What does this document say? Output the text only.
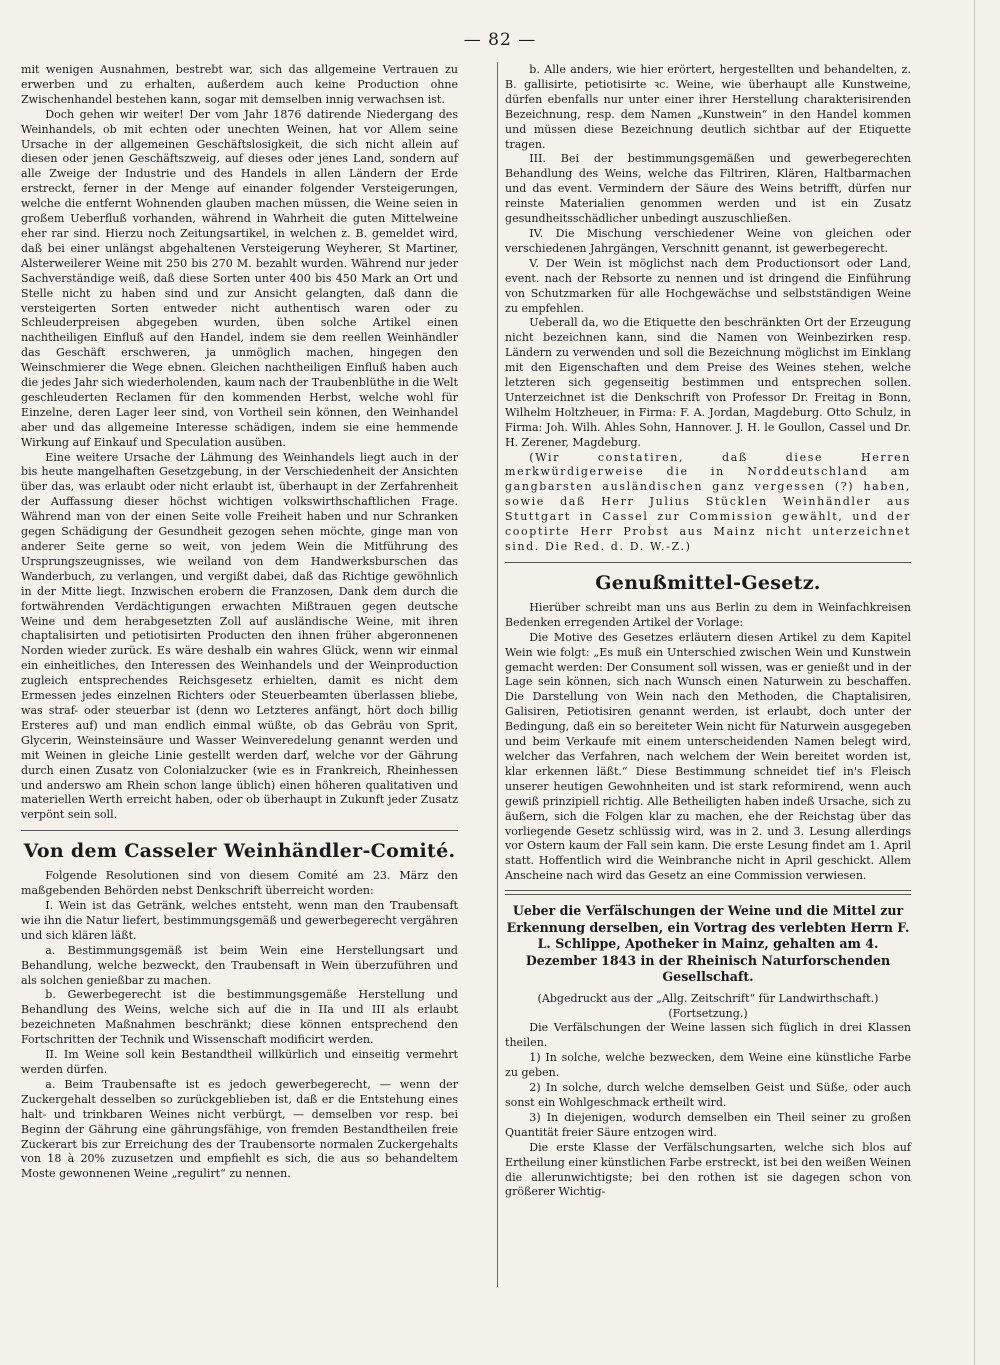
— 82 —

mit wenigen Ausnahmen, bestrebt war, sich das allgemeine Vertrauen zu erwerben und zu erhalten, außerdem auch keine Production ohne Zwischenhandel bestehen kann, sogar mit demselben innig verwachsen ist.

Doch gehen wir weiter! Der vom Jahr 1876 datirende Niedergang des Weinhandels, ob mit echten oder unechten Weinen, hat vor Allem seine Ursache in der allgemeinen Geschäftslosigkeit, die sich nicht allein auf diesen oder jenen Geschäftszweig, auf dieses oder jenes Land, sondern auf alle Zweige der Industrie und des Handels in allen Ländern der Erde erstreckt, ferner in der Menge auf einander folgender Versteigerungen, welche die entfernt Wohnenden glauben machen müssen, die Weine seien in großem Ueberfluß vorhanden, während in Wahrheit die guten Mittelweine eher rar sind. Hierzu noch Zeitungsartikel, in welchen z. B. gemeldet wird, daß bei einer unlängst abgehaltenen Versteigerung Weyherer, St Martiner, Alsterweilerer Weine mit 250 bis 270 M. bezahlt wurden. Während nur jeder Sachverständige weiß, daß diese Sorten unter 400 bis 450 Mark an Ort und Stelle nicht zu haben sind und zur Ansicht gelangten, daß dann die versteigerten Sorten entweder nicht authentisch waren oder zu Schleuderpreisen abgegeben wurden, üben solche Artikel einen nachtheiligen Einfluß auf den Handel, indem sie dem reellen Weinhändler das Geschäft erschweren, ja unmöglich machen, hingegen den Weinschmierer die Wege ebnen. Gleichen nachtheiligen Einfluß haben auch die jedes Jahr sich wiederholenden, kaum nach der Traubenblüthe in die Welt geschleuderten Reclamen für den kommenden Herbst, welche wohl für Einzelne, deren Lager leer sind, von Vortheil sein können, den Weinhandel aber und das allgemeine Interesse schädigen, indem sie eine hemmende Wirkung auf Einkauf und Speculation ausüben.

Eine weitere Ursache der Lähmung des Weinhandels liegt auch in der bis heute mangelhaften Gesetzgebung, in der Verschiedenheit der Ansichten über das, was erlaubt oder nicht erlaubt ist, überhaupt in der Zerfahrenheit der Auffassung dieser höchst wichtigen volkswirthschaftlichen Frage. Während man von der einen Seite volle Freiheit haben und nur Schranken gegen Schädigung der Gesundheit gezogen sehen möchte, ginge man von anderer Seite gerne so weit, von jedem Wein die Mitführung des Ursprungszeugnisses, wie weiland von dem Handwerksburschen das Wanderbuch, zu verlangen, und vergißt dabei, daß das Richtige gewöhnlich in der Mitte liegt. Inzwischen erobern die Franzosen, Dank dem durch die fortwährenden Verdächtigungen erwachten Mißtrauen gegen deutsche Weine und dem herabgesetzten Zoll auf ausländische Weine, mit ihren chaptalisirten und petiotisirten Producten den ihnen früher abgeronnenen Norden wieder zurück. Es wäre deshalb ein wahres Glück, wenn wir einmal ein einheitliches, den Interessen des Weinhandels und der Weinproduction zugleich entsprechendes Reichsgesetz erhielten, damit es nicht dem Ermessen jedes einzelnen Richters oder Steuerbeamten überlassen bliebe, was straf- oder steuerbar ist (denn wo Letzteres anfängt, hört doch billig Ersteres auf) und man endlich einmal wüßte, ob das Gebräu von Sprit, Glycerin, Weinsteinsäure und Wasser Weinveredelung genannt werden und mit Weinen in gleiche Linie gestellt werden darf, welche vor der Gährung durch einen Zusatz von Colonialzucker (wie es in Frankreich, Rheinhessen und anderswo am Rhein schon lange üblich) einen höheren qualitativen und materiellen Werth erreicht haben, oder ob überhaupt in Zukunft jeder Zusatz verpönt sein soll.

Von dem Casseler Weinhändler-Comité.

Folgende Resolutionen sind von diesem Comité am 23. März den maßgebenden Behörden nebst Denkschrift überreicht worden:

I. Wein ist das Getränk, welches entsteht, wenn man den Traubensaft wie ihn die Natur liefert, bestimmungsgemäß und gewerbegerecht vergähren und sich klären läßt.

a. Bestimmungsgemäß ist beim Wein eine Herstellungsart und Behandlung, welche bezweckt, den Traubensaft in Wein überzuführen und als solchen genießbar zu machen.

b. Gewerbegerecht ist die bestimmungsgemäße Herstellung und Behandlung des Weins, welche sich auf die in IIa und III als erlaubt bezeichneten Maßnahmen beschränkt; diese können entsprechend den Fortschritten der Technik und Wissenschaft modificirt werden.

II. Im Weine soll kein Bestandtheil willkürlich und einseitig vermehrt werden dürfen.

a. Beim Traubensafte ist es jedoch gewerbegerecht, — wenn der Zuckergehalt desselben so zurückgeblieben ist, daß er die Entstehung eines halt- und trinkbaren Weines nicht verbürgt, — demselben vor resp. bei Beginn der Gährung eine gährungsfähige, von fremden Bestandtheilen freie Zuckerart bis zur Erreichung des der Traubensorte normalen Zuckergehalts von 18 à 20% zuzusetzen und empfiehlt es sich, die aus so behandeltem Moste gewonnenen Weine „regulirt“ zu nennen.

b. Alle anders, wie hier erörtert, hergestellten und behandelten, z. B. gallisirte, petiotisirte ꝛc. Weine, wie überhaupt alle Kunstweine, dürfen ebenfalls nur unter einer ihrer Herstellung charakterisirenden Bezeichnung, resp. dem Namen „Kunstwein“ in den Handel kommen und müssen diese Bezeichnung deutlich sichtbar auf der Etiquette tragen.

III. Bei der bestimmungsgemäßen und gewerbegerechten Behandlung des Weins, welche das Filtriren, Klären, Haltbarmachen und das event. Vermindern der Säure des Weins betrifft, dürfen nur reinste Materialien genommen werden und ist ein Zusatz gesundheitsschädlicher unbedingt auszuschließen.

IV. Die Mischung verschiedener Weine von gleichen oder verschiedenen Jahrgängen, Verschnitt genannt, ist gewerbegerecht.

V. Der Wein ist möglichst nach dem Productionsort oder Land, event. nach der Rebsorte zu nennen und ist dringend die Einführung von Schutzmarken für alle Hochgewächse und selbstständigen Weine zu empfehlen.

Ueberall da, wo die Etiquette den beschränkten Ort der Erzeugung nicht bezeichnen kann, sind die Namen von Weinbezirken resp. Ländern zu verwenden und soll die Bezeichnung möglichst im Einklang mit den Eigenschaften und dem Preise des Weines stehen, welche letzteren sich gegenseitig bestimmen und entsprechen sollen. Unterzeichnet ist die Denkschrift von Professor Dr. Freitag in Bonn, Wilhelm Holtzheuer, in Firma: F. A. Jordan, Magdeburg. Otto Schulz, in Firma: Joh. Wilh. Ahles Sohn, Hannover. J. H. le Goullon, Cassel und Dr. H. Zerener, Magdeburg.

(Wir constatiren, daß diese Herren merkwürdigerweise die in Norddeutschland am gangbarsten ausländischen ganz vergessen (?) haben, sowie daß Herr Julius Stücklen Weinhändler aus Stuttgart in Cassel zur Commission gewählt, und der cooptirte Herr Probst aus Mainz nicht unterzeichnet sind. Die Red. d. D. W.-Z.)

Genußmittel-Gesetz.

Hierüber schreibt man uns aus Berlin zu dem in Weinfachkreisen Bedenken erregenden Artikel der Vorlage:

Die Motive des Gesetzes erläutern diesen Artikel zu dem Kapitel Wein wie folgt: „Es muß ein Unterschied zwischen Wein und Kunstwein gemacht werden: Der Consument soll wissen, was er genießt und in der Lage sein können, sich nach Wunsch einen Naturwein zu beschaffen. Die Darstellung von Wein nach den Methoden, die Chaptalisiren, Galisiren, Petiotisiren genannt werden, ist erlaubt, doch unter der Bedingung, daß ein so bereiteter Wein nicht für Naturwein ausgegeben und beim Verkaufe mit einem unterscheidenden Namen belegt wird, welcher das Verfahren, nach welchem der Wein bereitet worden ist, klar erkennen läßt.“ Diese Bestimmung schneidet tief in's Fleisch unserer heutigen Gewohnheiten und ist stark reformirend, wenn auch gewiß prinzipiell richtig. Alle Betheiligten haben indeß Ursache, sich zu äußern, sich die Folgen klar zu machen, ehe der Reichstag über das vorliegende Gesetz schlüssig wird, was in 2. und 3. Lesung allerdings vor Ostern kaum der Fall sein kann. Die erste Lesung findet am 1. April statt. Hoffentlich wird die Weinbranche nicht in April geschickt. Allem Anscheine nach wird das Gesetz an eine Commission verwiesen.

Ueber die Verfälschungen der Weine und die Mittel zur Erkennung derselben, ein Vortrag des verlebten Herrn F. L. Schlippe, Apotheker in Mainz, gehalten am 4. Dezember 1843 in der Rheinisch Naturforschenden Gesellschaft.

(Abgedruckt aus der „Allg. Zeitschrift“ für Landwirthschaft.)

(Fortsetzung.)

Die Verfälschungen der Weine lassen sich füglich in drei Klassen theilen.

1) In solche, welche bezwecken, dem Weine eine künstliche Farbe zu geben.

2) In solche, durch welche demselben Geist und Süße, oder auch sonst ein Wohlgeschmack ertheilt wird.

3) In diejenigen, wodurch demselben ein Theil seiner zu großen Quantität freier Säure entzogen wird.

Die erste Klasse der Verfälschungsarten, welche sich blos auf Ertheilung einer künstlichen Farbe erstreckt, ist bei den weißen Weinen die allerunwichtigste; bei den rothen ist sie dagegen schon von größerer Wichtig-
